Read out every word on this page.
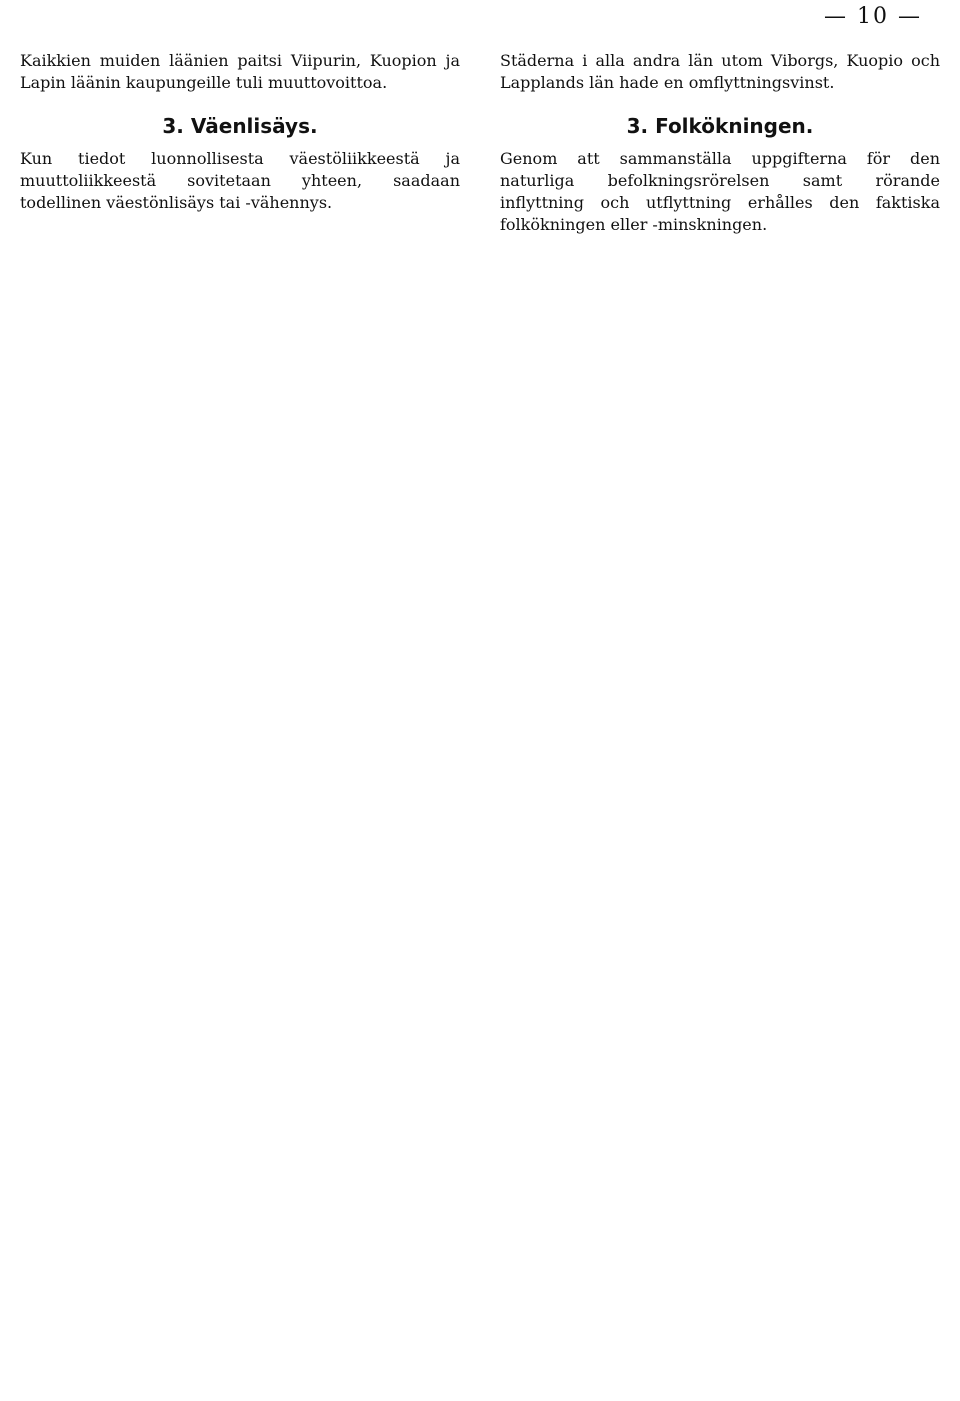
— 10 —

Kaikkien muiden läänien paitsi Viipurin, Kuopion ja Lapin läänin kaupungeille tuli muuttovoittoa.

3. Väenlisäys.

Kun tiedot luonnollisesta väestöliikkeestä ja muuttoliikkeestä sovitetaan yhteen, saadaan todellinen väestönlisäys tai -vähennys.

Städerna i alla andra län utom Viborgs, Kuopio och Lapplands län hade en omflyttningsvinst.

3. Folkökningen.

Genom att sammanställa uppgifterna för den naturliga befolkningsrörelsen samt rörande inflyttning och utflyttning erhålles den faktiska folkökningen eller -minskningen.
